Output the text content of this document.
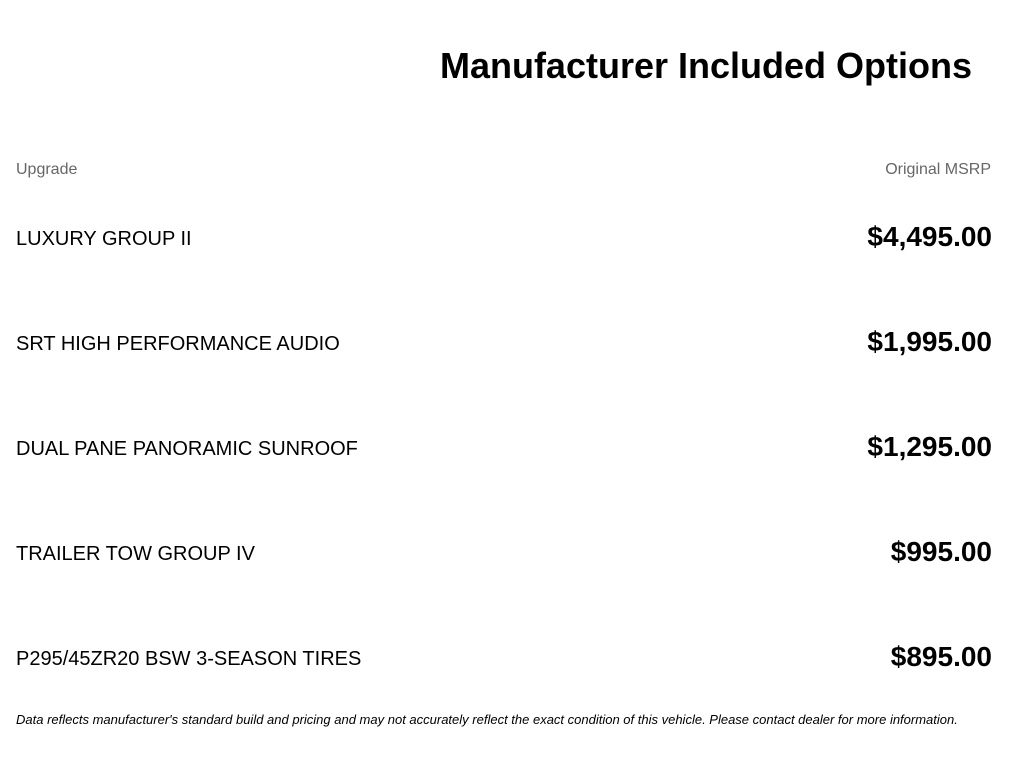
Manufacturer Included Options
Upgrade	Original MSRP
LUXURY GROUP II	$4,495.00
SRT HIGH PERFORMANCE AUDIO	$1,995.00
DUAL PANE PANORAMIC SUNROOF	$1,295.00
TRAILER TOW GROUP IV	$995.00
P295/45ZR20 BSW 3-SEASON TIRES	$895.00
Data reflects manufacturer's standard build and pricing and may not accurately reflect the exact condition of this vehicle. Please contact dealer for more information.
